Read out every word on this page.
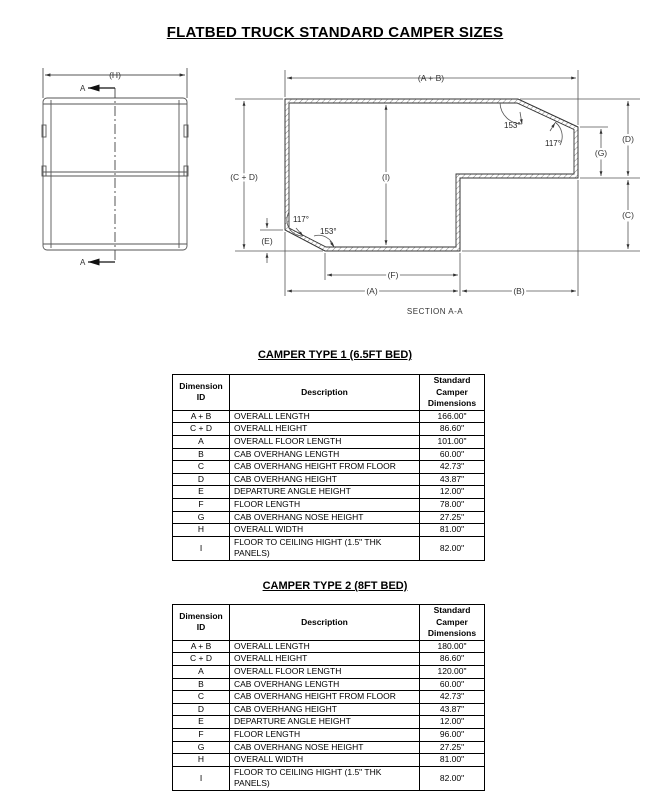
FLATBED TRUCK STANDARD CAMPER SIZES
(H)
A
A
(A + B)
(C + D)	(I)
(E)
(F)
(A)	(B)
(G)
(D)
(C)
153°
117°
117°
153°
SECTION A-A
CAMPER TYPE 1 (6.5FT BED)
Dimension ID	Description	Standard Camper Dimensions
A + B	OVERALL LENGTH	166.00"
C + D	OVERALL HEIGHT	86.60"
A	OVERALL FLOOR LENGTH	101.00"
B	CAB OVERHANG LENGTH	60.00"
C	CAB OVERHANG HEIGHT FROM FLOOR	42.73"
D	CAB OVERHANG HEIGHT	43.87"
E	DEPARTURE ANGLE HEIGHT	12.00"
F	FLOOR LENGTH	78.00"
G	CAB OVERHANG NOSE HEIGHT	27.25"
H	OVERALL WIDTH	81.00"
I	FLOOR TO CEILING HIGHT (1.5" THK PANELS)	82.00"
CAMPER TYPE 2 (8FT BED)
Dimension ID	Description	Standard Camper Dimensions
A + B	OVERALL LENGTH	180.00"
C + D	OVERALL HEIGHT	86.60"
A	OVERALL FLOOR LENGTH	120.00"
B	CAB OVERHANG LENGTH	60.00"
C	CAB OVERHANG HEIGHT FROM FLOOR	42.73"
D	CAB OVERHANG HEIGHT	43.87"
E	DEPARTURE ANGLE HEIGHT	12.00"
F	FLOOR LENGTH	96.00"
G	CAB OVERHANG NOSE HEIGHT	27.25"
H	OVERALL WIDTH	81.00"
I	FLOOR TO CEILING HIGHT (1.5" THK PANELS)	82.00"
